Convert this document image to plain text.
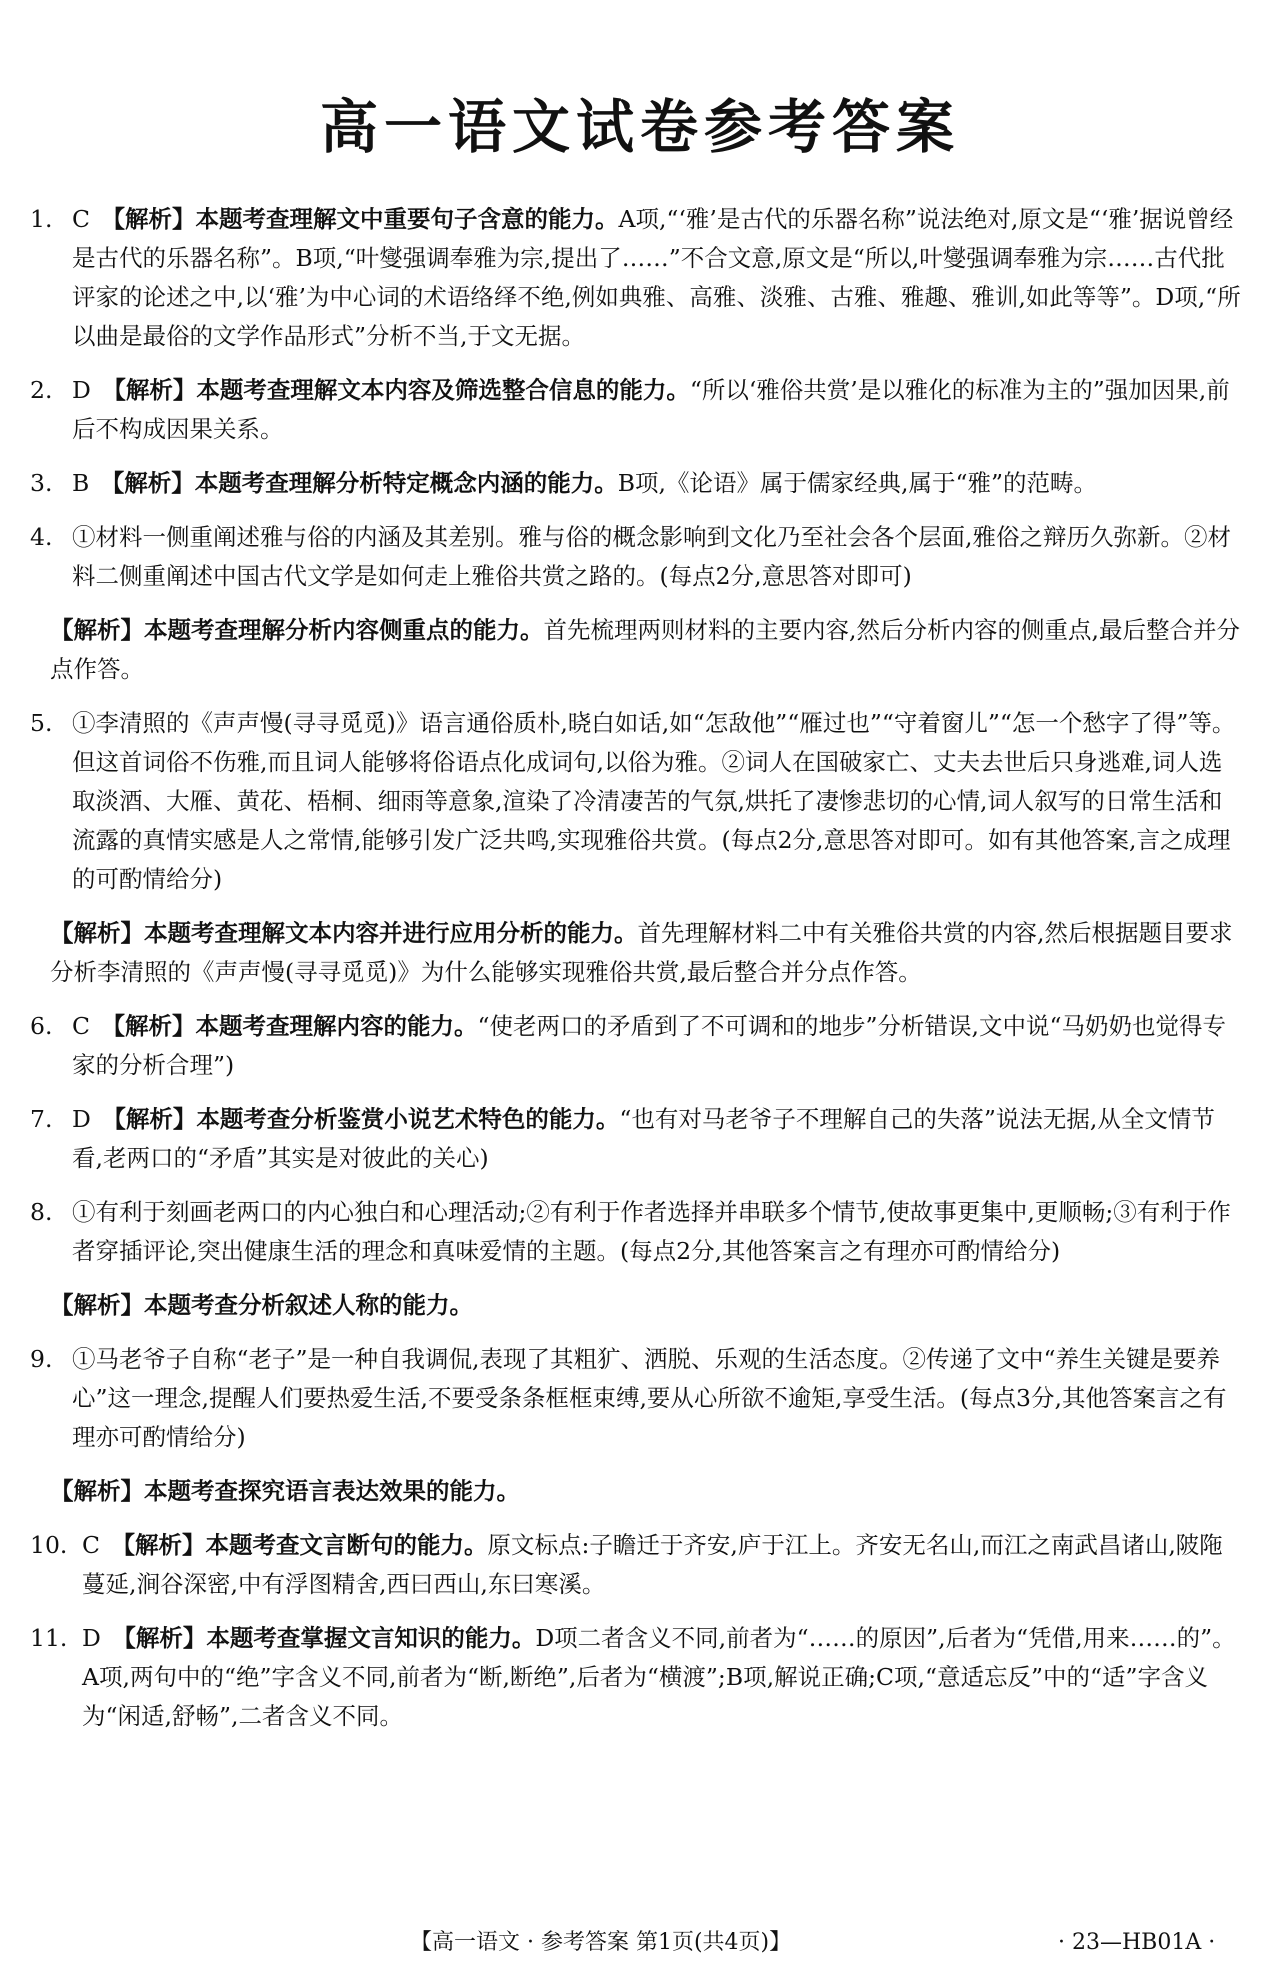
高一语文试卷参考答案
1. C 【解析】本题考查理解文中重要句子含意的能力。A项,“‘雅’是古代的乐器名称”说法绝对,原文是“‘雅’据说曾经是古代的乐器名称”。B项,“叶燮强调奉雅为宗,提出了……”不合文意,原文是“所以,叶燮强调奉雅为宗……古代批评家的论述之中,以‘雅’为中心词的术语络绎不绝,例如典雅、高雅、淡雅、古雅、雅趣、雅训,如此等等”。D项,“所以曲是最俗的文学作品形式”分析不当,于文无据。
2. D 【解析】本题考查理解文本内容及筛选整合信息的能力。“所以‘雅俗共赏’是以雅化的标准为主的”强加因果,前后不构成因果关系。
3. B 【解析】本题考查理解分析特定概念内涵的能力。B项,《论语》属于儒家经典,属于“雅”的范畴。
4. ①材料一侧重阐述雅与俗的内涵及其差别。雅与俗的概念影响到文化乃至社会各个层面,雅俗之辩历久弥新。②材料二侧重阐述中国古代文学是如何走上雅俗共赏之路的。(每点2分,意思答对即可)
【解析】本题考查理解分析内容侧重点的能力。首先梳理两则材料的主要内容,然后分析内容的侧重点,最后整合并分点作答。
5. ①李清照的《声声慢(寻寻觅觅)》语言通俗质朴,晓白如话,如“怎敌他”“雁过也”“守着窗儿”“怎一个愁字了得”等。但这首词俗不伤雅,而且词人能够将俗语点化成词句,以俗为雅。②词人在国破家亡、丈夫去世后只身逃难,词人选取淡酒、大雁、黄花、梧桐、细雨等意象,渲染了冷清凄苦的气氛,烘托了凄惨悲切的心情,词人叙写的日常生活和流露的真情实感是人之常情,能够引发广泛共鸣,实现雅俗共赏。(每点2分,意思答对即可。如有其他答案,言之成理的可酌情给分)
【解析】本题考查理解文本内容并进行应用分析的能力。首先理解材料二中有关雅俗共赏的内容,然后根据题目要求分析李清照的《声声慢(寻寻觅觅)》为什么能够实现雅俗共赏,最后整合并分点作答。
6. C 【解析】本题考查理解内容的能力。“使老两口的矛盾到了不可调和的地步”分析错误,文中说“马奶奶也觉得专家的分析合理”)
7. D 【解析】本题考查分析鉴赏小说艺术特色的能力。“也有对马老爷子不理解自己的失落”说法无据,从全文情节看,老两口的“矛盾”其实是对彼此的关心)
8. ①有利于刻画老两口的内心独白和心理活动;②有利于作者选择并串联多个情节,使故事更集中,更顺畅;③有利于作者穿插评论,突出健康生活的理念和真味爱情的主题。(每点2分,其他答案言之有理亦可酌情给分)
【解析】本题考查分析叙述人称的能力。
9. ①马老爷子自称“老子”是一种自我调侃,表现了其粗犷、洒脱、乐观的生活态度。②传递了文中“养生关键是要养心”这一理念,提醒人们要热爱生活,不要受条条框框束缚,要从心所欲不逾矩,享受生活。(每点3分,其他答案言之有理亦可酌情给分)
【解析】本题考查探究语言表达效果的能力。
10. C 【解析】本题考查文言断句的能力。原文标点:子瞻迁于齐安,庐于江上。齐安无名山,而江之南武昌诸山,陂陁蔓延,涧谷深密,中有浮图精舍,西曰西山,东曰寒溪。
11. D 【解析】本题考查掌握文言知识的能力。D项二者含义不同,前者为“……的原因”,后者为“凭借,用来……的”。A项,两句中的“绝”字含义不同,前者为“断,断绝”,后者为“横渡”;B项,解说正确;C项,“意适忘反”中的“适”字含义为“闲适,舒畅”,二者含义不同。
【高一语文 · 参考答案 第1页(共4页)】	· 23—HB01A ·
